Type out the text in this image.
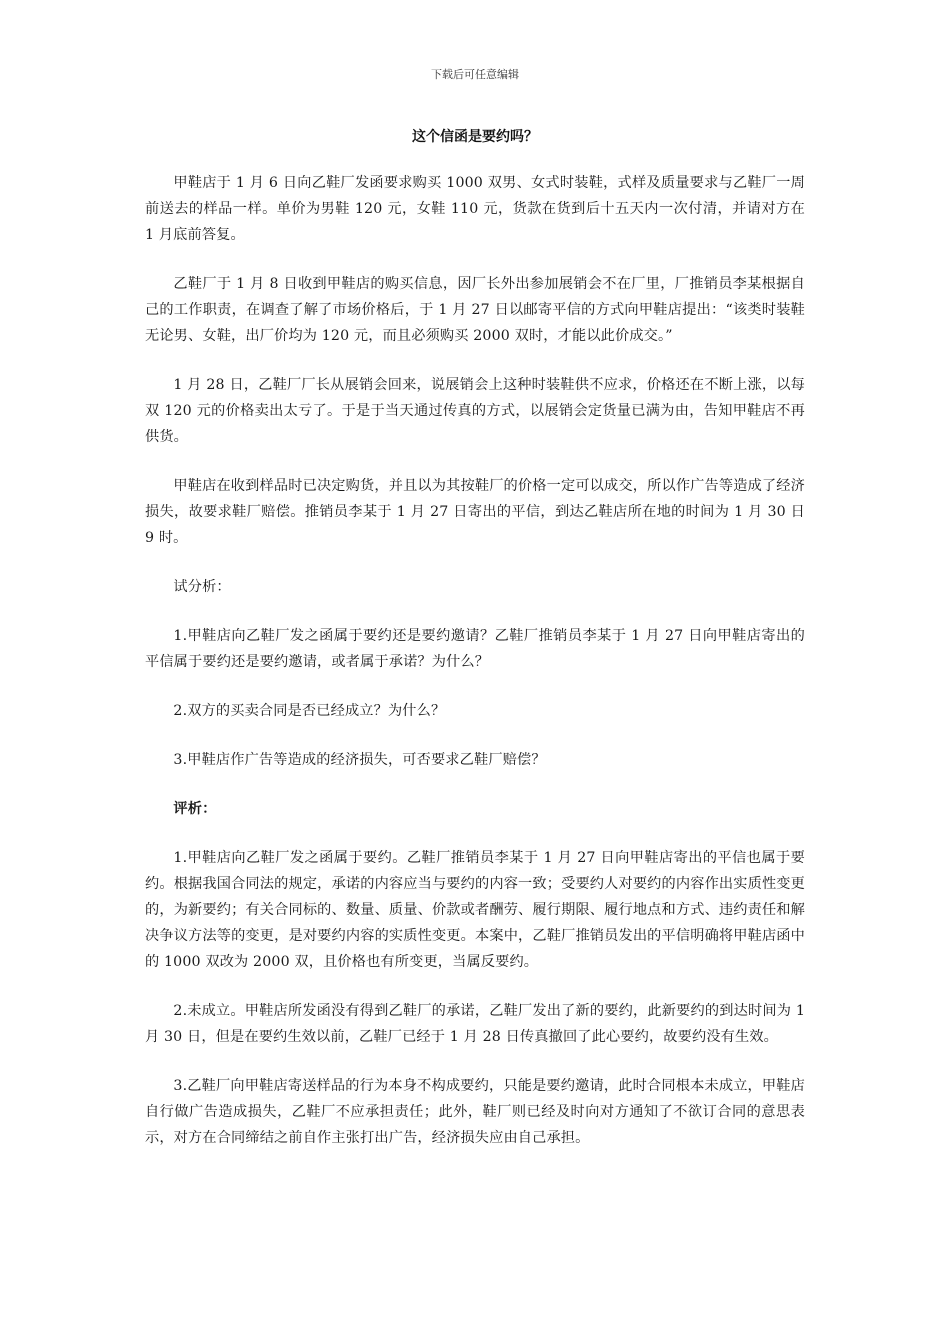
下载后可任意编辑
这个信函是要约吗？

甲鞋店于 1 月 6 日向乙鞋厂发函要求购买 1000 双男、女式时装鞋，式样及质量要求与乙鞋厂一周前送去的样品一样。单价为男鞋 120 元，女鞋 110 元，货款在货到后十五天内一次付清，并请对方在 1 月底前答复。

乙鞋厂于 1 月 8 日收到甲鞋店的购买信息，因厂长外出参加展销会不在厂里，厂推销员李某根据自己的工作职责，在调查了解了市场价格后，于 1 月 27 日以邮寄平信的方式向甲鞋店提出：“该类时装鞋无论男、女鞋，出厂价均为 120 元，而且必须购买 2000 双时，才能以此价成交。”

1 月 28 日，乙鞋厂厂长从展销会回来，说展销会上这种时装鞋供不应求，价格还在不断上涨，以每双 120 元的价格卖出太亏了。于是于当天通过传真的方式，以展销会定货量已满为由，告知甲鞋店不再供货。

甲鞋店在收到样品时已决定购货，并且以为其按鞋厂的价格一定可以成交，所以作广告等造成了经济损失，故要求鞋厂赔偿。推销员李某于 1 月 27 日寄出的平信，到达乙鞋店所在地的时间为 1 月 30 日 9 时。

试分析：

1.甲鞋店向乙鞋厂发之函属于要约还是要约邀请？乙鞋厂推销员李某于 1 月 27 日向甲鞋店寄出的平信属于要约还是要约邀请，或者属于承诺？为什么？

2.双方的买卖合同是否已经成立？为什么？

3.甲鞋店作广告等造成的经济损失，可否要求乙鞋厂赔偿？

评析：

1.甲鞋店向乙鞋厂发之函属于要约。乙鞋厂推销员李某于 1 月 27 日向甲鞋店寄出的平信也属于要约。根据我国合同法的规定，承诺的内容应当与要约的内容一致；受要约人对要约的内容作出实质性变更的，为新要约；有关合同标的、数量、质量、价款或者酬劳、履行期限、履行地点和方式、违约责任和解决争议方法等的变更，是对要约内容的实质性变更。本案中，乙鞋厂推销员发出的平信明确将甲鞋店函中的 1000 双改为 2000 双，且价格也有所变更，当属反要约。

2.未成立。甲鞋店所发函没有得到乙鞋厂的承诺，乙鞋厂发出了新的要约，此新要约的到达时间为 1 月 30 日，但是在要约生效以前，乙鞋厂已经于 1 月 28 日传真撤回了此心要约，故要约没有生效。

3.乙鞋厂向甲鞋店寄送样品的行为本身不构成要约，只能是要约邀请，此时合同根本未成立，甲鞋店自行做广告造成损失，乙鞋厂不应承担责任；此外，鞋厂则已经及时向对方通知了不欲订合同的意思表示，对方在合同缔结之前自作主张打出广告，经济损失应由自己承担。
